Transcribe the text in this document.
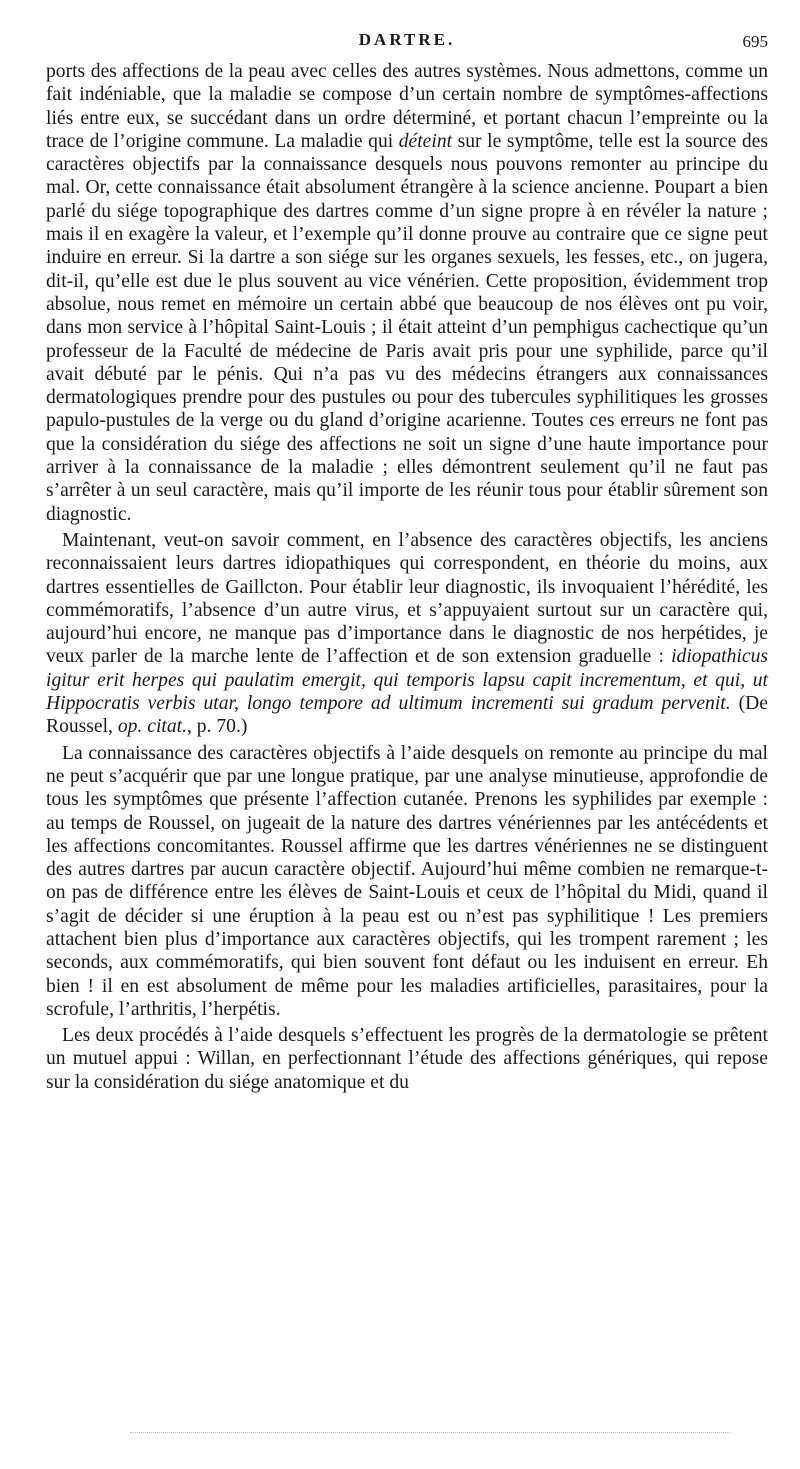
DARTRE.	695

ports des affections de la peau avec celles des autres systèmes. Nous admettons, comme un fait indéniable, que la maladie se compose d’un certain nombre de symptômes-affections liés entre eux, se succédant dans un ordre déterminé, et portant chacun l’empreinte ou la trace de l’origine commune. La maladie qui déteint sur le symptôme, telle est la source des caractères objectifs par la connaissance desquels nous pouvons remonter au principe du mal. Or, cette connaissance était absolument étrangère à la science ancienne. Poupart a bien parlé du siége topographique des dartres comme d’un signe propre à en révéler la nature ; mais il en exagère la valeur, et l’exemple qu’il donne prouve au contraire que ce signe peut induire en erreur. Si la dartre a son siége sur les organes sexuels, les fesses, etc., on jugera, dit-il, qu’elle est due le plus souvent au vice vénérien. Cette proposition, évidemment trop absolue, nous remet en mémoire un certain abbé que beaucoup de nos élèves ont pu voir, dans mon service à l’hôpital Saint-Louis ; il était atteint d’un pemphigus cachectique qu’un professeur de la Faculté de médecine de Paris avait pris pour une syphilide, parce qu’il avait débuté par le pénis. Qui n’a pas vu des médecins étrangers aux connaissances dermatologiques prendre pour des pustules ou pour des tubercules syphilitiques les grosses papulo-pustules de la verge ou du gland d’origine acarienne. Toutes ces erreurs ne font pas que la considération du siége des affections ne soit un signe d’une haute importance pour arriver à la connaissance de la maladie ; elles démontrent seulement qu’il ne faut pas s’arrêter à un seul caractère, mais qu’il importe de les réunir tous pour établir sûrement son diagnostic.

Maintenant, veut-on savoir comment, en l’absence des caractères objectifs, les anciens reconnaissaient leurs dartres idiopathiques qui correspondent, en théorie du moins, aux dartres essentielles de Gaillcton. Pour établir leur diagnostic, ils invoquaient l’hérédité, les commémoratifs, l’absence d’un autre virus, et s’appuyaient surtout sur un caractère qui, aujourd’hui encore, ne manque pas d’importance dans le diagnostic de nos herpétides, je veux parler de la marche lente de l’affection et de son extension graduelle : idiopathicus igitur erit herpes qui paulatim emergit, qui temporis lapsu capit incrementum, et qui, ut Hippocratis verbis utar, longo tempore ad ultimum incrementi sui gradum pervenit. (De Roussel, op. citat., p. 70.)

La connaissance des caractères objectifs à l’aide desquels on remonte au principe du mal ne peut s’acquérir que par une longue pratique, par une analyse minutieuse, approfondie de tous les symptômes que présente l’affection cutanée. Prenons les syphilides par exemple : au temps de Roussel, on jugeait de la nature des dartres vénériennes par les antécédents et les affections concomitantes. Roussel affirme que les dartres vénériennes ne se distinguent des autres dartres par aucun caractère objectif. Aujourd’hui même combien ne remarque-t-on pas de différence entre les élèves de Saint-Louis et ceux de l’hôpital du Midi, quand il s’agit de décider si une éruption à la peau est ou n’est pas syphilitique ! Les premiers attachent bien plus d’importance aux caractères objectifs, qui les trompent rarement ; les seconds, aux commémoratifs, qui bien souvent font défaut ou les induisent en erreur. Eh bien ! il en est absolument de même pour les maladies artificielles, parasitaires, pour la scrofule, l’arthritis, l’herpétis.

Les deux procédés à l’aide desquels s’effectuent les progrès de la dermatologie se prêtent un mutuel appui : Willan, en perfectionnant l’étude des affections génériques, qui repose sur la considération du siége anatomique et du
